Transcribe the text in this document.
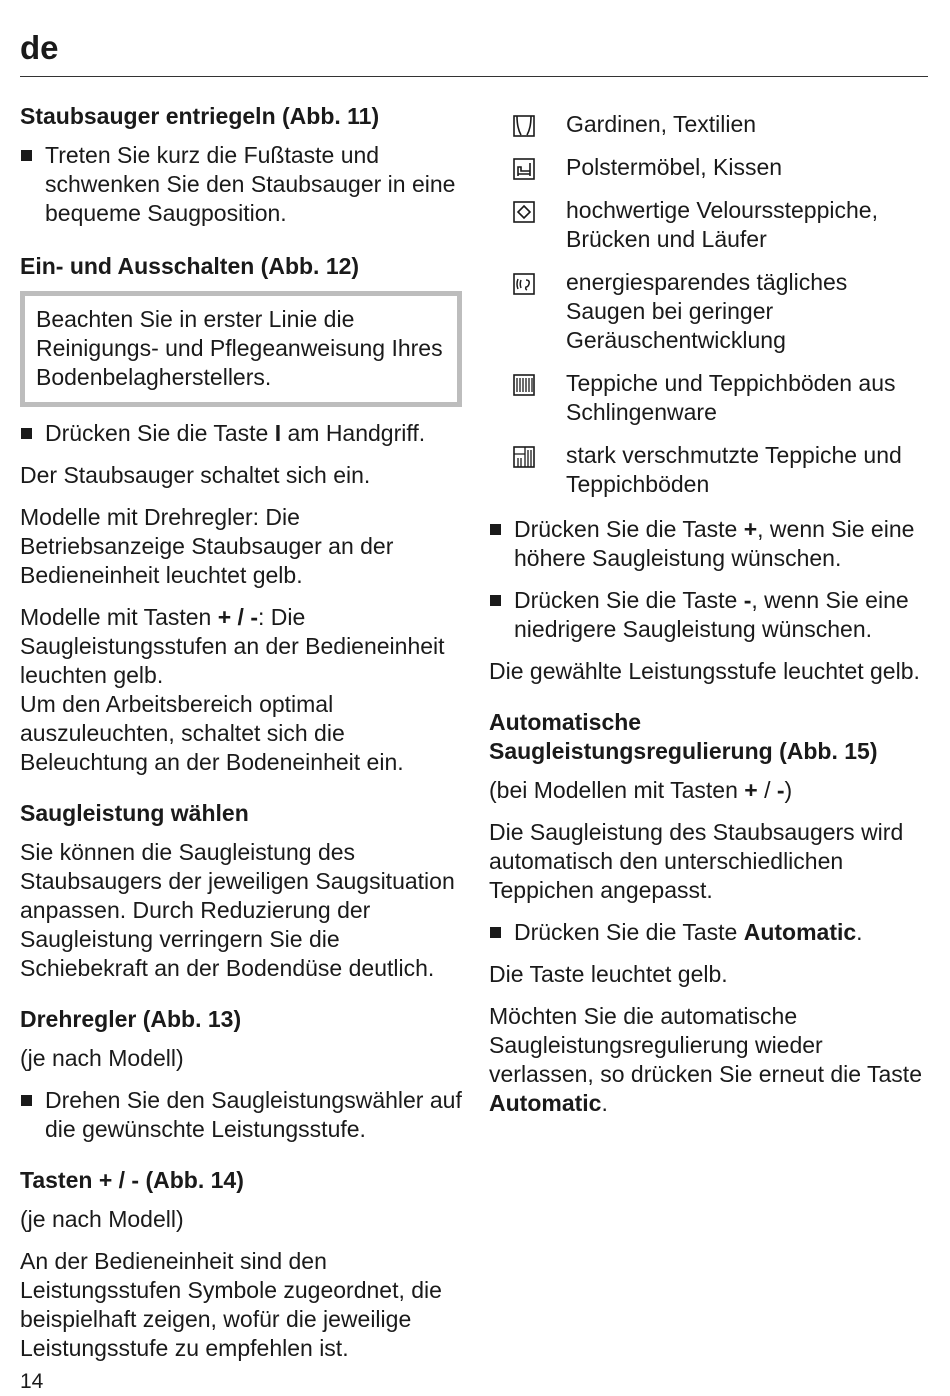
de

Staubsauger entriegeln (Abb. 11)

Treten Sie kurz die Fußtaste und schwenken Sie den Staubsauger in eine bequeme Saugposition.

Ein- und Ausschalten (Abb. 12)

Beachten Sie in erster Linie die Reinigungs- und Pflegeanweisung Ihres Bodenbelagherstellers.
Drücken Sie die Taste I am Handgriff.

Der Staubsauger schaltet sich ein.

Modelle mit Drehregler: Die Betriebsanzeige Staubsauger an der Bedieneinheit leuchtet gelb.

Modelle mit Tasten + / -: Die Saugleistungsstufen an der Bedieneinheit leuchten gelb.

Um den Arbeitsbereich optimal auszuleuchten, schaltet sich die Beleuchtung an der Bodeneinheit ein.

Saugleistung wählen

Sie können die Saugleistung des Staubsaugers der jeweiligen Saugsituation anpassen. Durch Reduzierung der Saugleistung verringern Sie die Schiebekraft an der Bodendüse deutlich.

Drehregler (Abb. 13)

(je nach Modell)

Drehen Sie den Saugleistungswähler auf die gewünschte Leistungsstufe.

Tasten + / - (Abb. 14)

(je nach Modell)

An der Bedieneinheit sind den Leistungsstufen Symbole zugeordnet, die beispielhaft zeigen, wofür die jeweilige Leistungsstufe zu empfehlen ist.

Gardinen, Textilien
Polstermöbel, Kissen
hochwertige Velourssteppiche, Brücken und Läufer
energiesparendes tägliches Saugen bei geringer Geräuschentwicklung
Teppiche und Teppichböden aus Schlingenware
stark verschmutzte Teppiche und Teppichböden
Drücken Sie die Taste +, wenn Sie eine höhere Saugleistung wünschen.
Drücken Sie die Taste -, wenn Sie eine niedrigere Saugleistung wünschen.

Die gewählte Leistungsstufe leuchtet gelb.

Automatische Saugleistungsregulierung (Abb. 15)

(bei Modellen mit Tasten + / -)

Die Saugleistung des Staubsaugers wird automatisch den unterschiedlichen Teppichen angepasst.

Drücken Sie die Taste Automatic.

Die Taste leuchtet gelb.

Möchten Sie die automatische Saugleistungsregulierung wieder verlassen, so drücken Sie erneut die Taste Automatic.

14
